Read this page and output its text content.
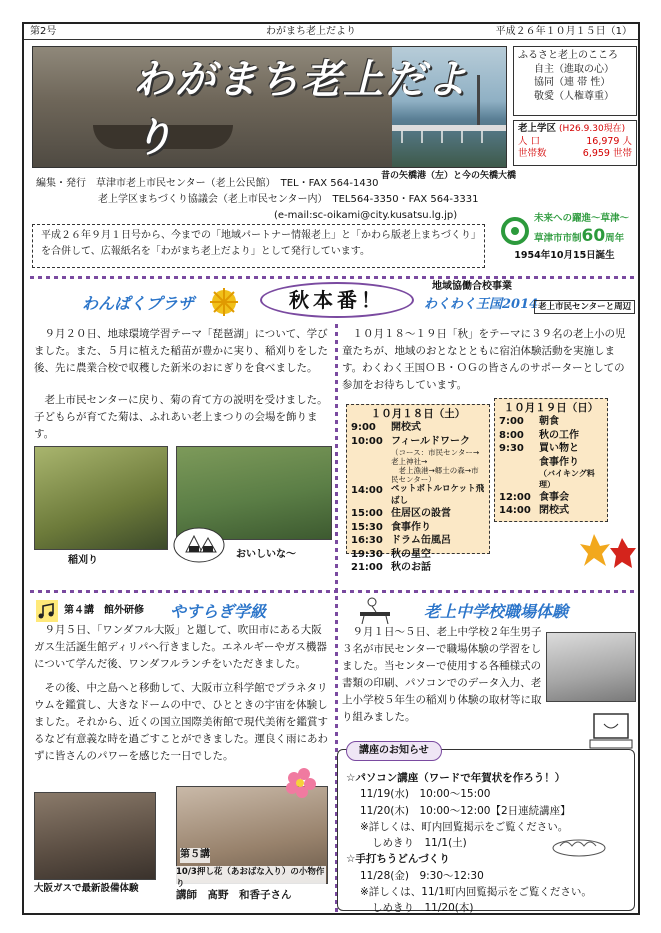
第2号	わがまち老上だより	平成２６年１０月１５日（1）
わがまち老上だより
昔の矢橋港（左）と今の矢橋大橋
ふるさと老上のこころ
自主（進取の心）
協同（連 帯 性）
敬愛（人権尊重）
老上学区 (H26.9.30現在)
人 口	16,979 人
世帯数	6,959 世帯
編集・発行　草津市老上市民センター（老上公民館）　TEL・FAX 564-1430
老上学区まちづくり協議会（老上市民センター内）　TEL564-3350・FAX 564-3331
(e-mail:sc-oikami@city.kusatsu.lg.jp)
平成２６年９月１日号から、今までの「地域パートナー情報老上」と「かわら版老上まちづくり」を合併して、広報紙名を「わがまち老上だより」として発行しています。
未来への躍進～草津～
草津市市制60周年
1954年10月15日誕生
わんぱくプラザ	秋本番！
９月２０日、地球環境学習テーマ「琵琶湖」について、学びました。また、５月に植えた稲苗が豊かに実り、稲刈りをした後、先に農業合校で収穫した新米のおにぎりを食べました。
老上市民センターに戻り、菊の育て方の説明を受けました。子どもらが育てた菊は、ふれあい老上まつりの会場を飾ります。
稲刈り
おいしいな～
地域協働合校事業
わくわく王国2014 老上市民センターと周辺
１０月１８～１９日「秋」をテーマに３９名の老上小の児童たちが、地域のおとなとともに宿泊体験活動を実施します。わくわく王国ＯＢ・ＯＧの皆さんのサポーターとしての参加をお待ちしています。
１０月１８日（土）
9:00	開校式
10:00 フィールドワーク
（コース：市民センター→老上神社→
　老上漁港→郷土の森→市民センター）
14:00 ペットボトルロケット飛ばし
15:00 住居区の設営
15:30 食事作り
16:30 ドラム缶風呂
19:30 秋の星空
21:00 秋のお話
１０月１９日（日）
7:00	朝食
8:00	秋の工作
9:30	買い物と
食事作り
（バイキング料理）
12:00 食事会
14:00 閉校式
第４講　館外研修 やすらぎ学級
９月５日、「ワンダフル大阪」と題して、吹田市にある大阪ガス生活誕生館ディリパへ行きました。エネルギーやガス機器について学んだ後、ワンダフルランチをいただきました。
その後、中之島へと移動して、大阪市立科学館でプラネタリウムを鑑賞し、大きなドームの中で、ひとときの宇宙を体験しました。それから、近くの国立国際美術館で現代美術を鑑賞するなど有意義な時を過ごすことができました。運良く雨にあわずに皆さんのパワーを感じた一日でした。
大阪ガスで最新設備体験
第５講
10/3押し花（あおばな入り）の小物作り
講師　髙野　和香子さん
老上中学校職場体験
９月１日～５日、老上中学校２年生男子３名が市民センターで職場体験の学習をしました。当センターで使用する各種様式の書類の印刷、パソコンでのデータ入力、老上小学校５年生の稲刈り体験の取材等に取り組みました。
講座のお知らせ
☆パソコン講座（ワードで年賀状を作ろう！）
11/19(水)　10:00～15:00
11/20(木)　10:00～12:00【2日連続講座】
※詳しくは、町内回覧掲示をご覧ください。
しめきり　11/1(土)
☆手打ちうどんづくり
11/28(金)　9:30～12:30
※詳しくは、11/1町内回覧掲示をご覧ください。
しめきり　11/20(木)
